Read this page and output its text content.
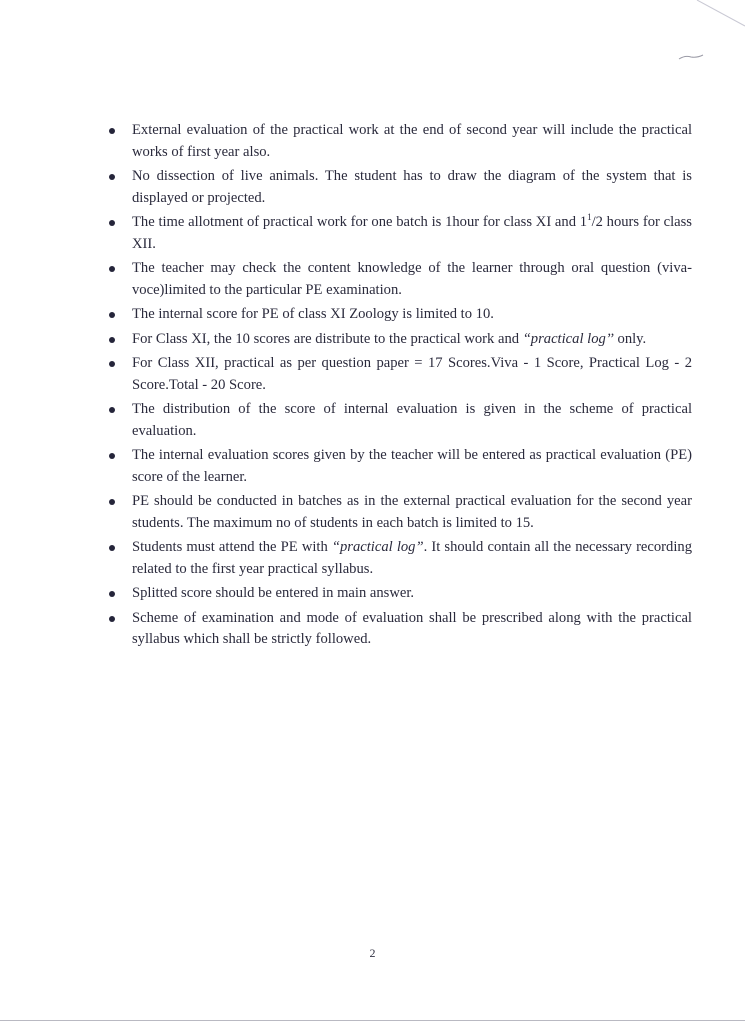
External evaluation of the practical work at the end of second year will include the practical works of first year also.
No dissection of live animals. The student has to draw the diagram of the system that is displayed or projected.
The time allotment of practical work for one batch is 1hour for class XI and $1^1/2$ hours for class XII.
The teacher may check the content knowledge of the learner through oral question (viva-voce)limited to the particular PE examination.
The internal score for PE of class XI Zoology is limited to 10.
For Class XI, the 10 scores are distribute to the practical work and “practical log’’ only.
For Class XII, practical as per question paper = 17 Scores.Viva - 1 Score, Practical Log - 2 Score.Total - 20 Score.
The distribution of the score of internal evaluation is given in the scheme of practical evaluation.
The internal evaluation scores given by the teacher will be entered as practical evaluation (PE) score of the learner.
PE should be conducted in batches as in the external practical evaluation for the second year students. The maximum no of students in each batch is limited to 15.
Students must attend the PE with “practical log”. It should contain all the necessary recording related to the first year practical syllabus.
Splitted score should be entered in main answer.
Scheme of examination and mode of evaluation shall be prescribed along with the practical syllabus which shall be strictly followed.
2
